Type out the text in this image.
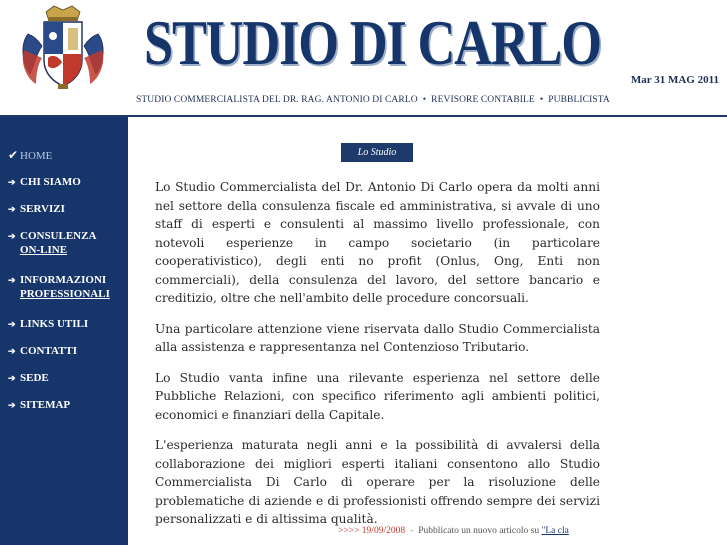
STUDIO DI CARLO
Mar 31 MAG 2011
STUDIO COMMERCIALISTA DEL DR. RAG. ANTONIO DI CARLO • REVISORE CONTABILE • PUBBLICISTA
✔ HOME
➔ CHI SIAMO
➔ SERVIZI
➔ CONSULENZA
ON-LINE
➔ INFORMAZIONI
PROFESSIONALI
➔ LINKS UTILI
➔ CONTATTI
➔ SEDE
➔ SITEMAP
Lo Studio

Lo Studio Commercialista del Dr. Antonio Di Carlo opera da molti anni nel settore della consulenza fiscale ed amministrativa, si avvale di uno staff di esperti e consulenti al massimo livello professionale, con notevoli esperienze in campo societario (in particolare cooperativistico), degli enti no profit (Onlus, Ong, Enti non commerciali), della consulenza del lavoro, del settore bancario e creditizio, oltre che nell'ambito delle procedure concorsuali.

Una particolare attenzione viene riservata dallo Studio Commercialista alla assistenza e rappresentanza nel Contenzioso Tributario.

Lo Studio vanta infine una rilevante esperienza nel settore delle Pubbliche Relazioni, con specifico riferimento agli ambienti politici, economici e finanziari della Capitale.

L'esperienza maturata negli anni e la possibilità di avvalersi della collaborazione dei migliori esperti italiani consentono allo Studio Commercialista Di Carlo di operare per la risoluzione delle problematiche di aziende e di professionisti offrendo sempre dei servizi personalizzati e di altissima qualità.

>>>> 19/09/2008 - Pubblicato un nuovo articolo su "La cla
